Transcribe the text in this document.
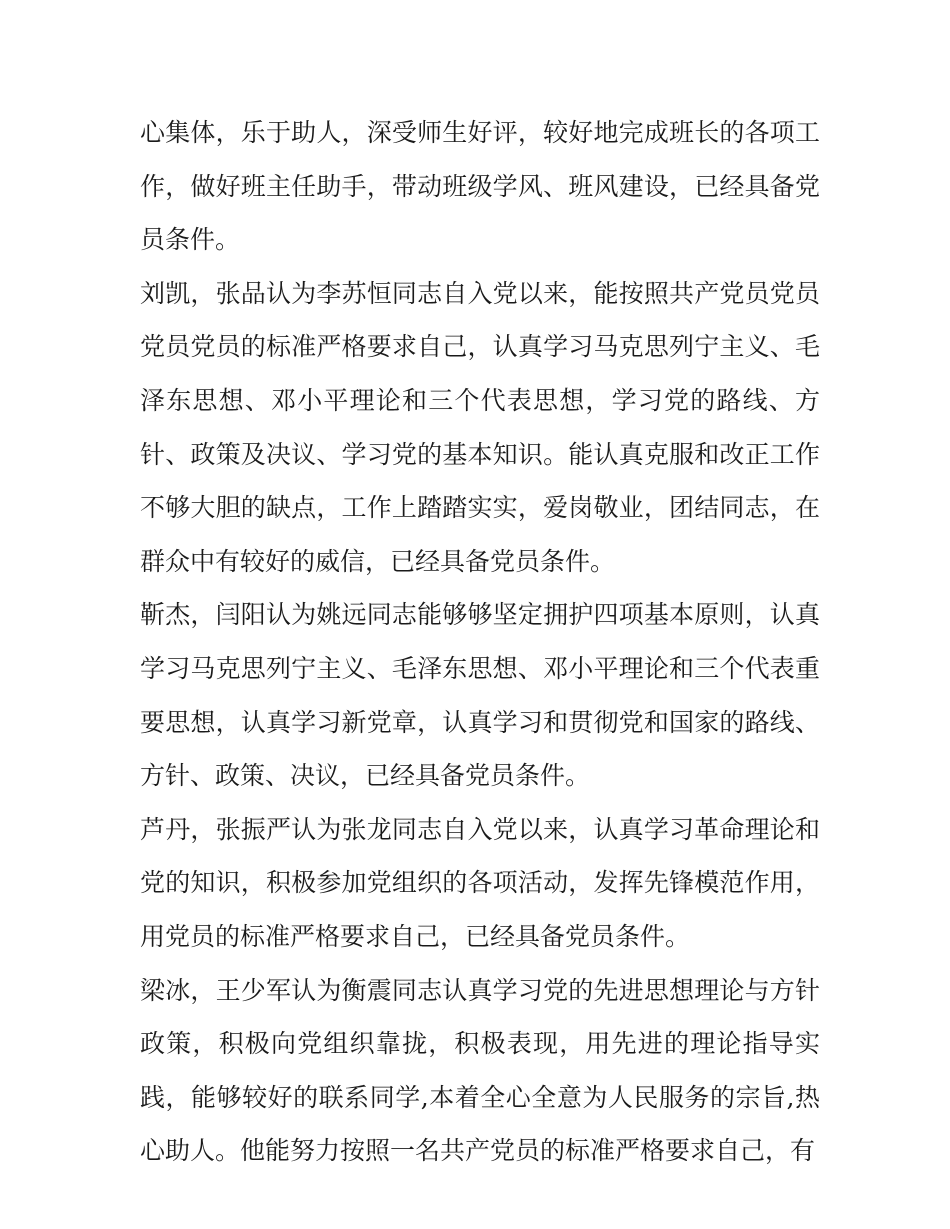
心集体，乐于助人，深受师生好评，较好地完成班长的各项工作，做好班主任助手，带动班级学风、班风建设，已经具备党员条件。

刘凯，张品认为李苏恒同志自入党以来，能按照共产党员党员党员党员的标准严格要求自己，认真学习马克思列宁主义、毛泽东思想、邓小平理论和三个代表思想，学习党的路线、方针、政策及决议、学习党的基本知识。能认真克服和改正工作不够大胆的缺点，工作上踏踏实实，爱岗敬业，团结同志，在群众中有较好的威信，已经具备党员条件。

靳杰，闫阳认为姚远同志能够够坚定拥护四项基本原则，认真学习马克思列宁主义、毛泽东思想、邓小平理论和三个代表重要思想，认真学习新党章，认真学习和贯彻党和国家的路线、方针、政策、决议，已经具备党员条件。

芦丹，张振严认为张龙同志自入党以来，认真学习革命理论和党的知识，积极参加党组织的各项活动，发挥先锋模范作用，用党员的标准严格要求自己，已经具备党员条件。

梁冰，王少军认为衡震同志认真学习党的先进思想理论与方针政策，积极向党组织靠拢，积极表现，用先进的理论指导实践，能够较好的联系同学,本着全心全意为人民服务的宗旨,热心助人。他能努力按照一名共产党员的标准严格要求自己，有
